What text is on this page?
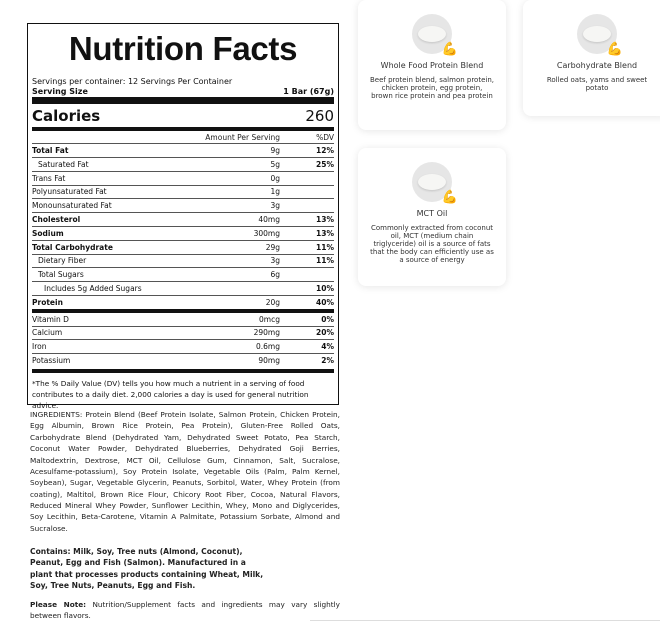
Nutrition Facts
Servings per container: 12 Servings Per Container
Serving Size	1 Bar (67g)
Calories	260
Amount Per Serving	%DV
Total Fat	9g	12%
Saturated Fat	5g	25%
Trans Fat	0g
Polyunsaturated Fat	1g
Monounsaturated Fat	3g
Cholesterol	40mg	13%
Sodium	300mg	13%
Total Carbohydrate	29g	11%
Dietary Fiber	3g	11%
Total Sugars	6g
Includes 5g Added Sugars	10%
Protein	20g	40%
Vitamin D	0mcg	0%
Calcium	290mg	20%
Iron	0.6mg	4%
Potassium	90mg	2%
*The % Daily Value (DV) tells you how much a nutrient in a serving of food contributes to a daily diet. 2,000 calories a day is used for general nutrition advice.
INGREDIENTS: Protein Blend (Beef Protein Isolate, Salmon Protein, Chicken Protein, Egg Albumin, Brown Rice Protein, Pea Protein), Gluten-Free Rolled Oats, Carbohydrate Blend (Dehydrated Yam, Dehydrated Sweet Potato, Pea Starch, Coconut Water Powder, Dehydrated Blueberries, Dehydrated Goji Berries, Maltodextrin, Dextrose, MCT Oil, Cellulose Gum, Cinnamon, Salt, Sucralose, Acesulfame-potassium), Soy Protein Isolate, Vegetable Oils (Palm, Palm Kernel, Soybean), Sugar, Vegetable Glycerin, Peanuts, Sorbitol, Water, Whey Protein (from coating), Maltitol, Brown Rice Flour, Chicory Root Fiber, Cocoa, Natural Flavors, Reduced Mineral Whey Powder, Sunflower Lecithin, Whey, Mono and Diglycerides, Soy Lecithin, Beta-Carotene, Vitamin A Palmitate, Potassium Sorbate, Almond and Sucralose.
Contains: Milk, Soy, Tree nuts (Almond, Coconut), Peanut, Egg and Fish (Salmon). Manufactured in a plant that processes products containing Wheat, Milk, Soy, Tree Nuts, Peanuts, Egg and Fish.
Please Note: Nutrition/Supplement facts and ingredients may vary slightly between flavors.
💪
Whole Food Protein Blend
Beef protein blend, salmon protein, chicken protein, egg protein, brown rice protein and pea protein
💪
Carbohydrate Blend
Rolled oats, yams and sweet potato
💪
MCT Oil
Commonly extracted from coconut oil, MCT (medium chain triglyceride) oil is a source of fats that the body can efficiently use as a source of energy
